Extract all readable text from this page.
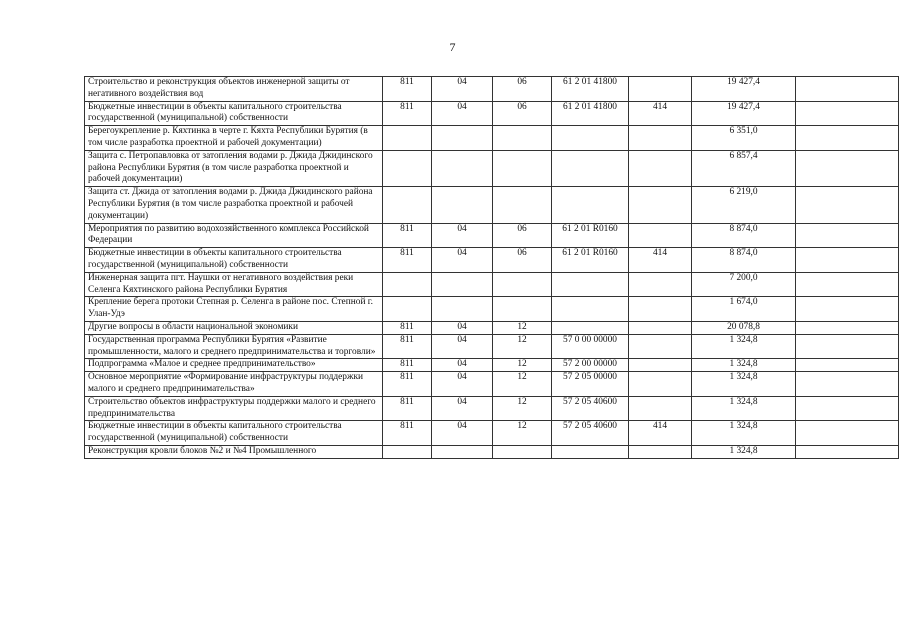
7
Строительство и реконструкция объектов инженерной защиты от негативного воздействия вод	811	04	06	61 2 01 41800		19 427,4	
Бюджетные инвестиции в объекты капитального строительства государственной (муниципальной) собственности	811	04	06	61 2 01 41800	414	19 427,4	
Берегоукрепление р. Кяхтинка в черте г. Кяхта Республики Бурятия (в том числе разработка проектной и рабочей документации)						6 351,0	
Защита с. Петропавловка от затопления водами р. Джида Джидинского района Республики Бурятия (в том числе разработка проектной и рабочей документации)						6 857,4	
Защита ст. Джида от затопления водами р. Джида Джидинского района Республики Бурятия (в том числе разработка проектной и рабочей документации)						6 219,0	
Мероприятия по развитию водохозяйственного комплекса Российской Федерации	811	04	06	61 2 01 R0160		8 874,0	
Бюджетные инвестиции в объекты капитального строительства государственной (муниципальной) собственности	811	04	06	61 2 01 R0160	414	8 874,0	
Инженерная защита пгт. Наушки от негативного воздействия реки Селенга Кяхтинского района Республики Бурятия						7 200,0	
Крепление берега протоки Степная р. Селенга в районе пос. Степной г. Улан-Удэ						1 674,0	
Другие вопросы в области национальной экономики	811	04	12			20 078,8	
Государственная программа Республики Бурятия «Развитие промышленности, малого и среднего предпринимательства и торговли»	811	04	12	57 0 00 00000		1 324,8	
Подпрограмма «Малое и среднее предпринимательство»	811	04	12	57 2 00 00000		1 324,8	
Основное мероприятие «Формирование инфраструктуры поддержки малого и среднего предпринимательства»	811	04	12	57 2 05 00000		1 324,8	
Строительство объектов инфраструктуры поддержки малого и среднего предпринимательства	811	04	12	57 2 05 40600		1 324,8	
Бюджетные инвестиции в объекты капитального строительства государственной (муниципальной) собственности	811	04	12	57 2 05 40600	414	1 324,8	
Реконструкция кровли блоков №2 и №4 Промышленного						1 324,8	
